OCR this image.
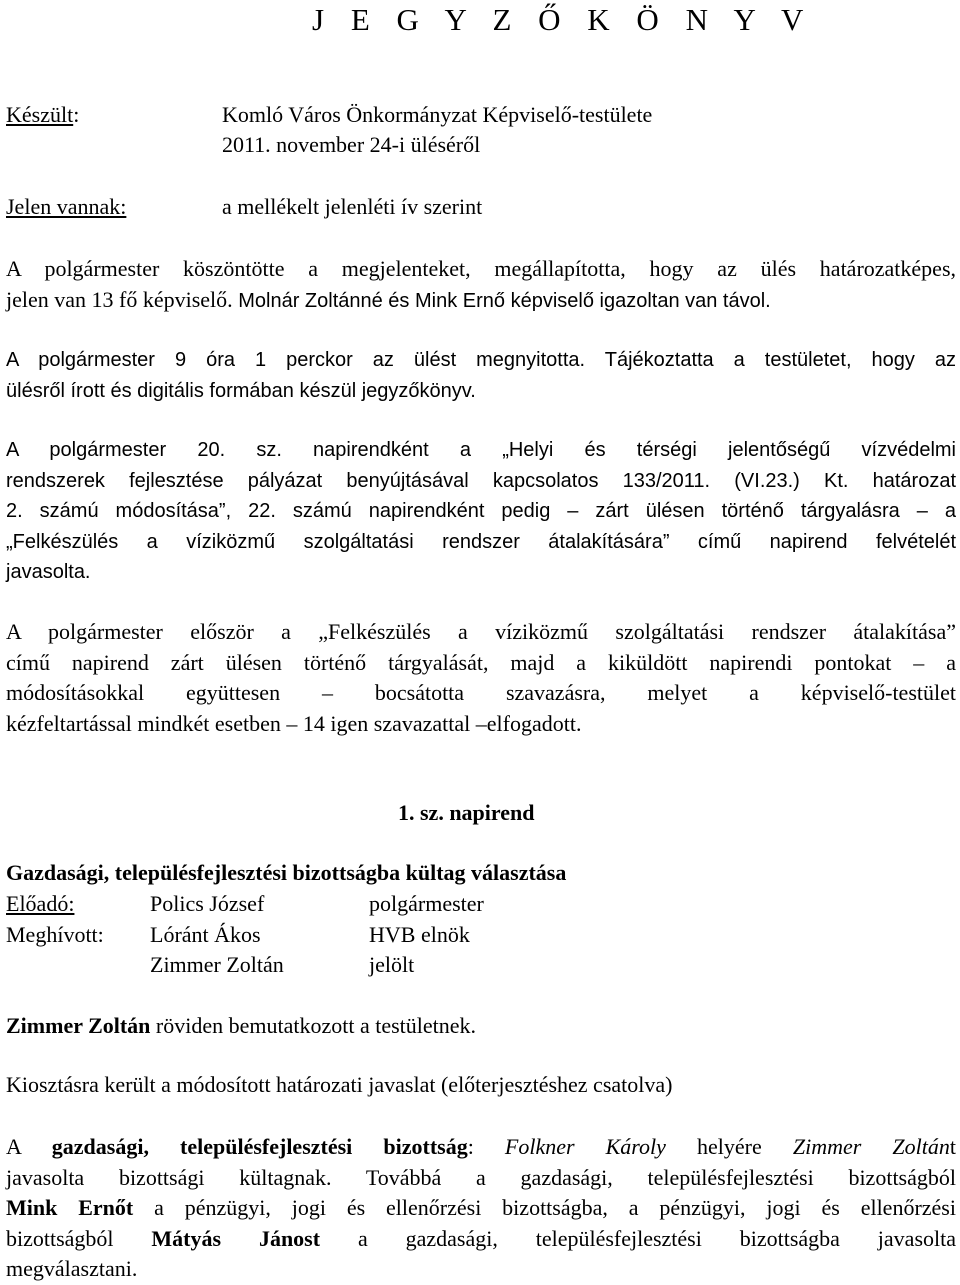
J E G Y Z Ő K Ö N Y V
Készült:	Komló Város Önkormányzat Képviselő-testülete
2011. november 24-i üléséről
Jelen vannak:	a mellékelt jelenléti ív szerint
A polgármester köszöntötte a megjelenteket, megállapította, hogy az ülés határozatképes,
jelen van 13 fő képviselő. Molnár Zoltánné és Mink Ernő képviselő igazoltan van távol.
A polgármester 9 óra 1 perckor az ülést megnyitotta. Tájékoztatta a testületet, hogy az
ülésről írott és digitális formában készül jegyzőkönyv.
A polgármester 20. sz. napirendként a „Helyi és térségi jelentőségű vízvédelmi
rendszerek fejlesztése pályázat benyújtásával kapcsolatos 133/2011. (VI.23.) Kt. határozat
2. számú módosítása”, 22. számú napirendként pedig – zárt ülésen történő tárgyalásra – a
„Felkészülés a víziközmű szolgáltatási rendszer átalakítására” című napirend felvételét
javasolta.
A polgármester először a „Felkészülés a víziközmű szolgáltatási rendszer átalakítása”
című napirend zárt ülésen történő tárgyalását, majd a kiküldött napirendi pontokat – a
módosításokkal együttesen – bocsátotta szavazásra, melyet a képviselő-testület
kézfeltartással mindkét esetben – 14 igen szavazattal –elfogadott.
1. sz. napirend
Gazdasági, településfejlesztési bizottságba kültag választása
Előadó:	Polics József	polgármester
Meghívott: Lóránt Ákos	HVB elnök
Zimmer Zoltán	jelölt
Zimmer Zoltán röviden bemutatkozott a testületnek.
Kiosztásra került a módosított határozati javaslat (előterjesztéshez csatolva)
A gazdasági, településfejlesztési bizottság: Folkner Károly helyére Zimmer Zoltánt
javasolta bizottsági kültagnak. Továbbá a gazdasági, településfejlesztési bizottságból
Mink Ernőt a pénzügyi, jogi és ellenőrzési bizottságba, a pénzügyi, jogi és ellenőrzési
bizottságból Mátyás Jánost a gazdasági, településfejlesztési bizottságba javasolta
megválasztani.
